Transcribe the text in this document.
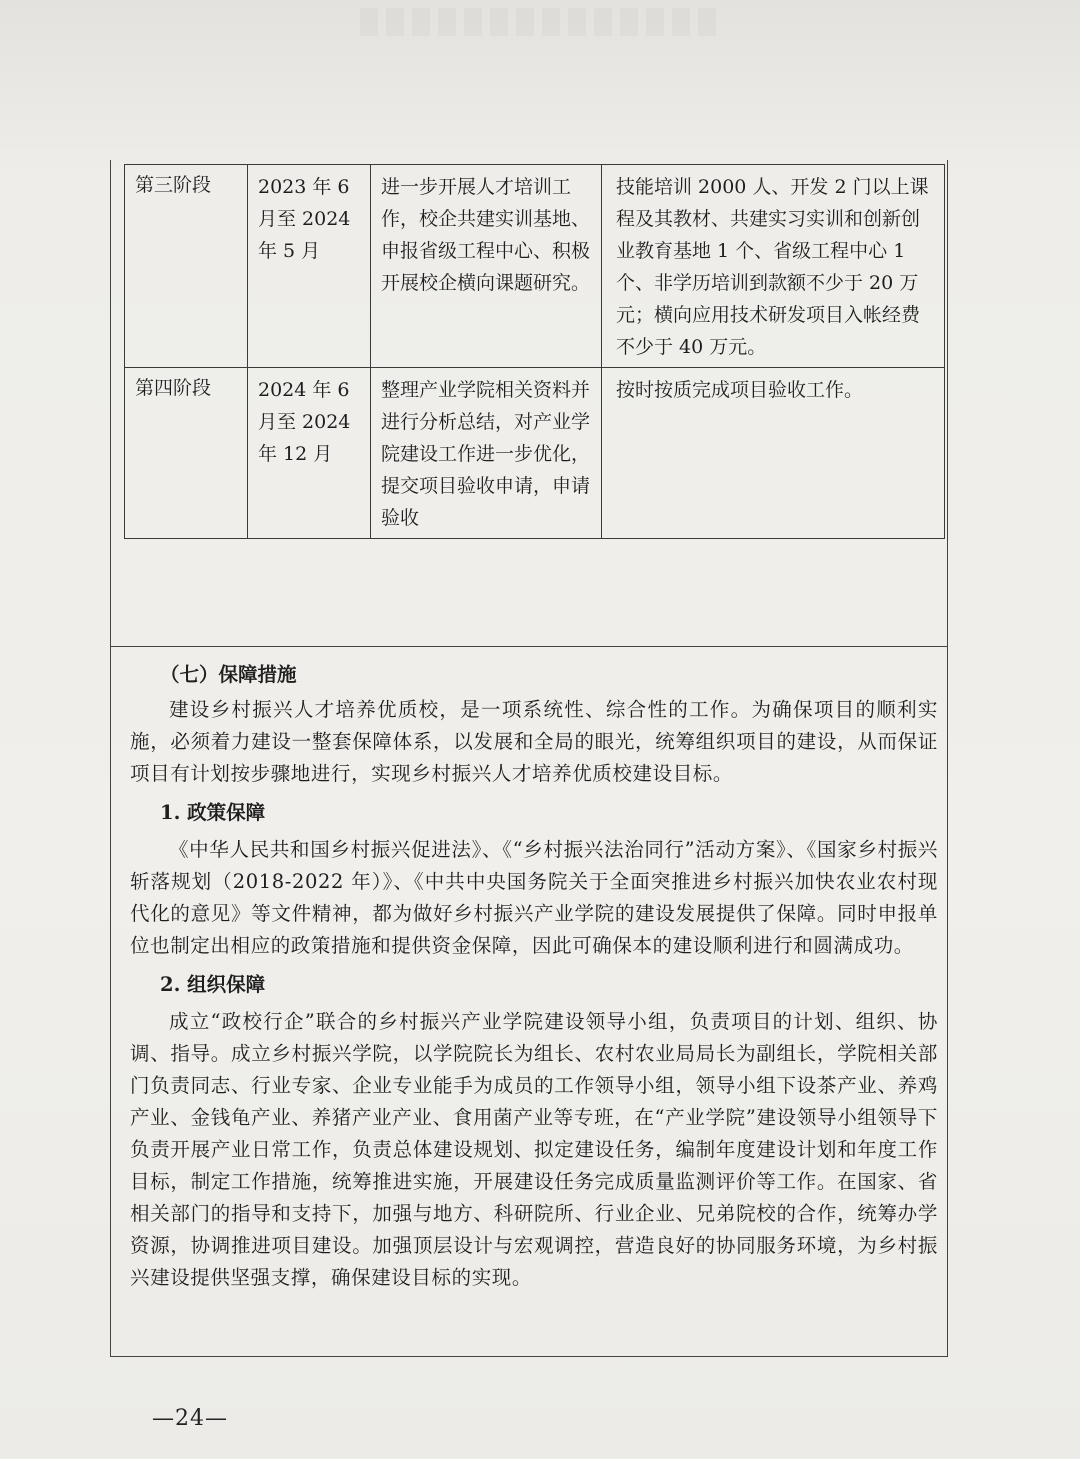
第三阶段	2023 年 6 月至 2024 年 5 月	进一步开展人才培训工作，校企共建实训基地、申报省级工程中心、积极开展校企横向课题研究。	技能培训 2000 人、开发 2 门以上课程及其教材、共建实习实训和创新创业教育基地 1 个、省级工程中心 1 个、非学历培训到款额不少于 20 万元；横向应用技术研发项目入帐经费不少于 40 万元。
第四阶段	2024 年 6 月至 2024 年 12 月	整理产业学院相关资料并进行分析总结，对产业学院建设工作进一步优化，提交项目验收申请，申请验收	按时按质完成项目验收工作。
（七）保障措施

建设乡村振兴人才培养优质校，是一项系统性、综合性的工作。为确保项目的顺利实施，必须着力建设一整套保障体系，以发展和全局的眼光，统筹组织项目的建设，从而保证项目有计划按步骤地进行，实现乡村振兴人才培养优质校建设目标。

1. 政策保障

《中华人民共和国乡村振兴促进法》、《“乡村振兴法治同行”活动方案》、《国家乡村振兴斩落规划（2018-2022 年）》、《中共中央国务院关于全面突推进乡村振兴加快农业农村现代化的意见》等文件精神，都为做好乡村振兴产业学院的建设发展提供了保障。同时申报单位也制定出相应的政策措施和提供资金保障，因此可确保本的建设顺利进行和圆满成功。

2. 组织保障

成立“政校行企”联合的乡村振兴产业学院建设领导小组，负责项目的计划、组织、协调、指导。成立乡村振兴学院，以学院院长为组长、农村农业局局长为副组长，学院相关部门负责同志、行业专家、企业专业能手为成员的工作领导小组，领导小组下设茶产业、养鸡产业、金钱龟产业、养猪产业产业、食用菌产业等专班，在“产业学院”建设领导小组领导下负责开展产业日常工作，负责总体建设规划、拟定建设任务，编制年度建设计划和年度工作目标，制定工作措施，统筹推进实施，开展建设任务完成质量监测评价等工作。在国家、省相关部门的指导和支持下，加强与地方、科研院所、行业企业、兄弟院校的合作，统筹办学资源，协调推进项目建设。加强顶层设计与宏观调控，营造良好的协同服务环境，为乡村振兴建设提供坚强支撑，确保建设目标的实现。

—24—
